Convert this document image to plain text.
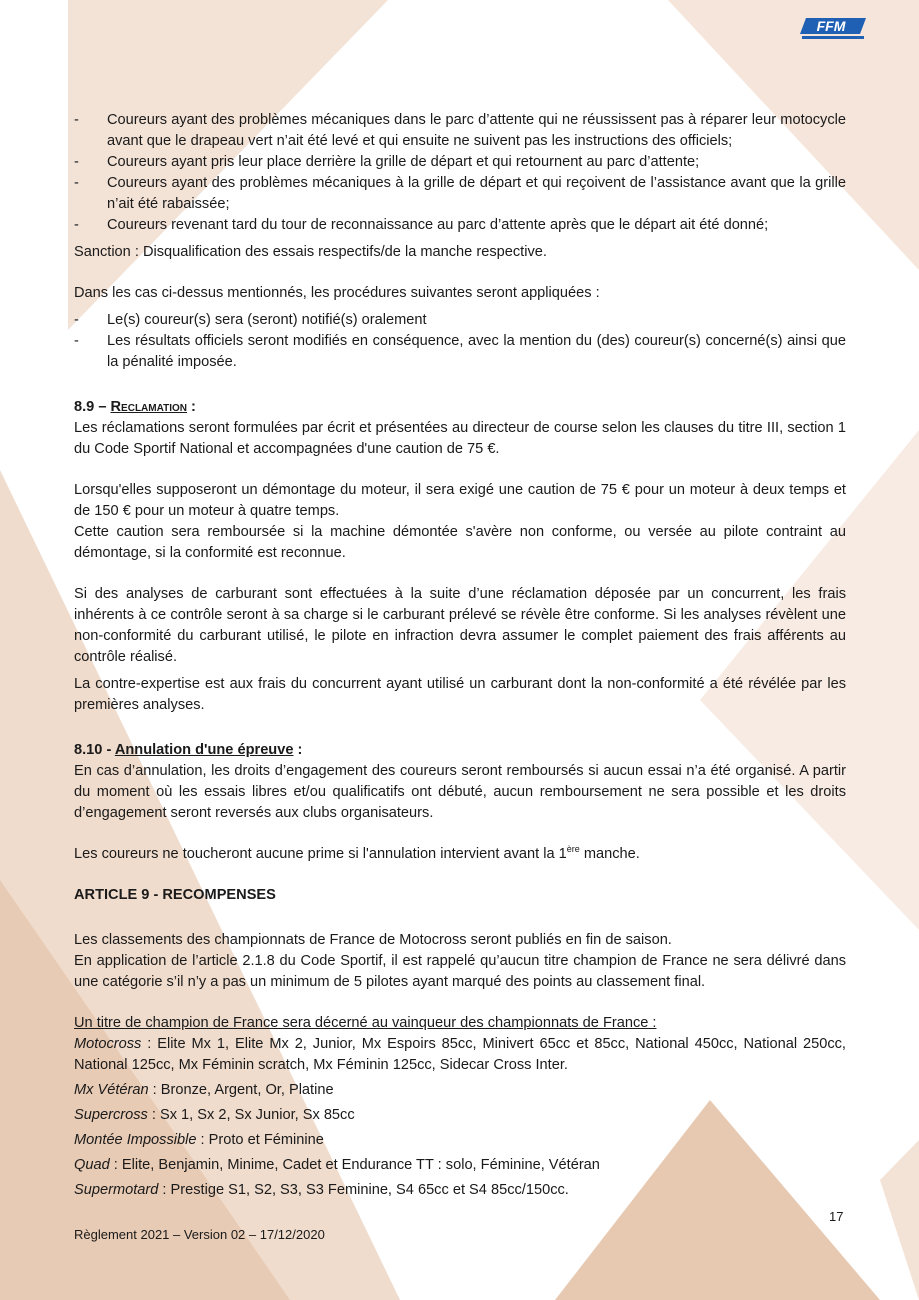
FFM
- Coureurs ayant des problèmes mécaniques dans le parc d’attente qui ne réussissent pas à réparer leur motocycle avant que le drapeau vert n’ait été levé et qui ensuite ne suivent pas les instructions des officiels;
- Coureurs ayant pris leur place derrière la grille de départ et qui retournent au parc d’attente;
- Coureurs ayant des problèmes mécaniques à la grille de départ et qui reçoivent de l’assistance avant que la grille n’ait été rabaissée;
- Coureurs revenant tard du tour de reconnaissance au parc d’attente après que le départ ait été donné;

Sanction : Disqualification des essais respectifs/de la manche respective.

Dans les cas ci-dessus mentionnés, les procédures suivantes seront appliquées :

- Le(s) coureur(s) sera (seront) notifié(s) oralement
- Les résultats officiels seront modifiés en conséquence, avec la mention du (des) coureur(s) concerné(s) ainsi que la pénalité imposée.

8.9 – Reclamation :

Les réclamations seront formulées par écrit et présentées au directeur de course selon les clauses du titre III, section 1 du Code Sportif National et accompagnées d'une caution de 75 €.

Lorsqu'elles supposeront un démontage du moteur, il sera exigé une caution de 75 € pour un moteur à deux temps et de 150 € pour un moteur à quatre temps.

Cette caution sera remboursée si la machine démontée s'avère non conforme, ou versée au pilote contraint au démontage, si la conformité est reconnue.

Si des analyses de carburant sont effectuées à la suite d’une réclamation déposée par un concurrent, les frais inhérents à ce contrôle seront à sa charge si le carburant prélevé se révèle être conforme. Si les analyses révèlent une non-conformité du carburant utilisé, le pilote en infraction devra assumer le complet paiement des frais afférents au contrôle réalisé.

La contre-expertise est aux frais du concurrent ayant utilisé un carburant dont la non-conformité a été révélée par les premières analyses.

8.10 - Annulation d'une épreuve :

En cas d’annulation, les droits d’engagement des coureurs seront remboursés si aucun essai n’a été organisé. A partir du moment où les essais libres et/ou qualificatifs ont débuté, aucun remboursement ne sera possible et les droits d’engagement seront reversés aux clubs organisateurs.

Les coureurs ne toucheront aucune prime si l'annulation intervient avant la 1ère manche.

ARTICLE 9 - RECOMPENSES

Les classements des championnats de France de Motocross seront publiés en fin de saison.

En application de l’article 2.1.8 du Code Sportif, il est rappelé qu’aucun titre champion de France ne sera délivré dans une catégorie s’il n’y a pas un minimum de 5 pilotes ayant marqué des points au classement final.

Un titre de champion de France sera décerné au vainqueur des championnats de France :

Motocross : Elite Mx 1, Elite Mx 2, Junior, Mx Espoirs 85cc, Minivert 65cc et 85cc, National 450cc, National 250cc, National 125cc, Mx Féminin scratch, Mx Féminin 125cc, Sidecar Cross Inter.

Mx Vétéran : Bronze, Argent, Or, Platine

Supercross : Sx 1, Sx 2, Sx Junior, Sx 85cc

Montée Impossible : Proto et Féminine

Quad : Elite, Benjamin, Minime, Cadet et Endurance TT : solo, Féminine, Vétéran

Supermotard : Prestige S1, S2, S3, S3 Feminine, S4 65cc et S4 85cc/150cc.

17
Règlement 2021 – Version 02 – 17/12/2020
